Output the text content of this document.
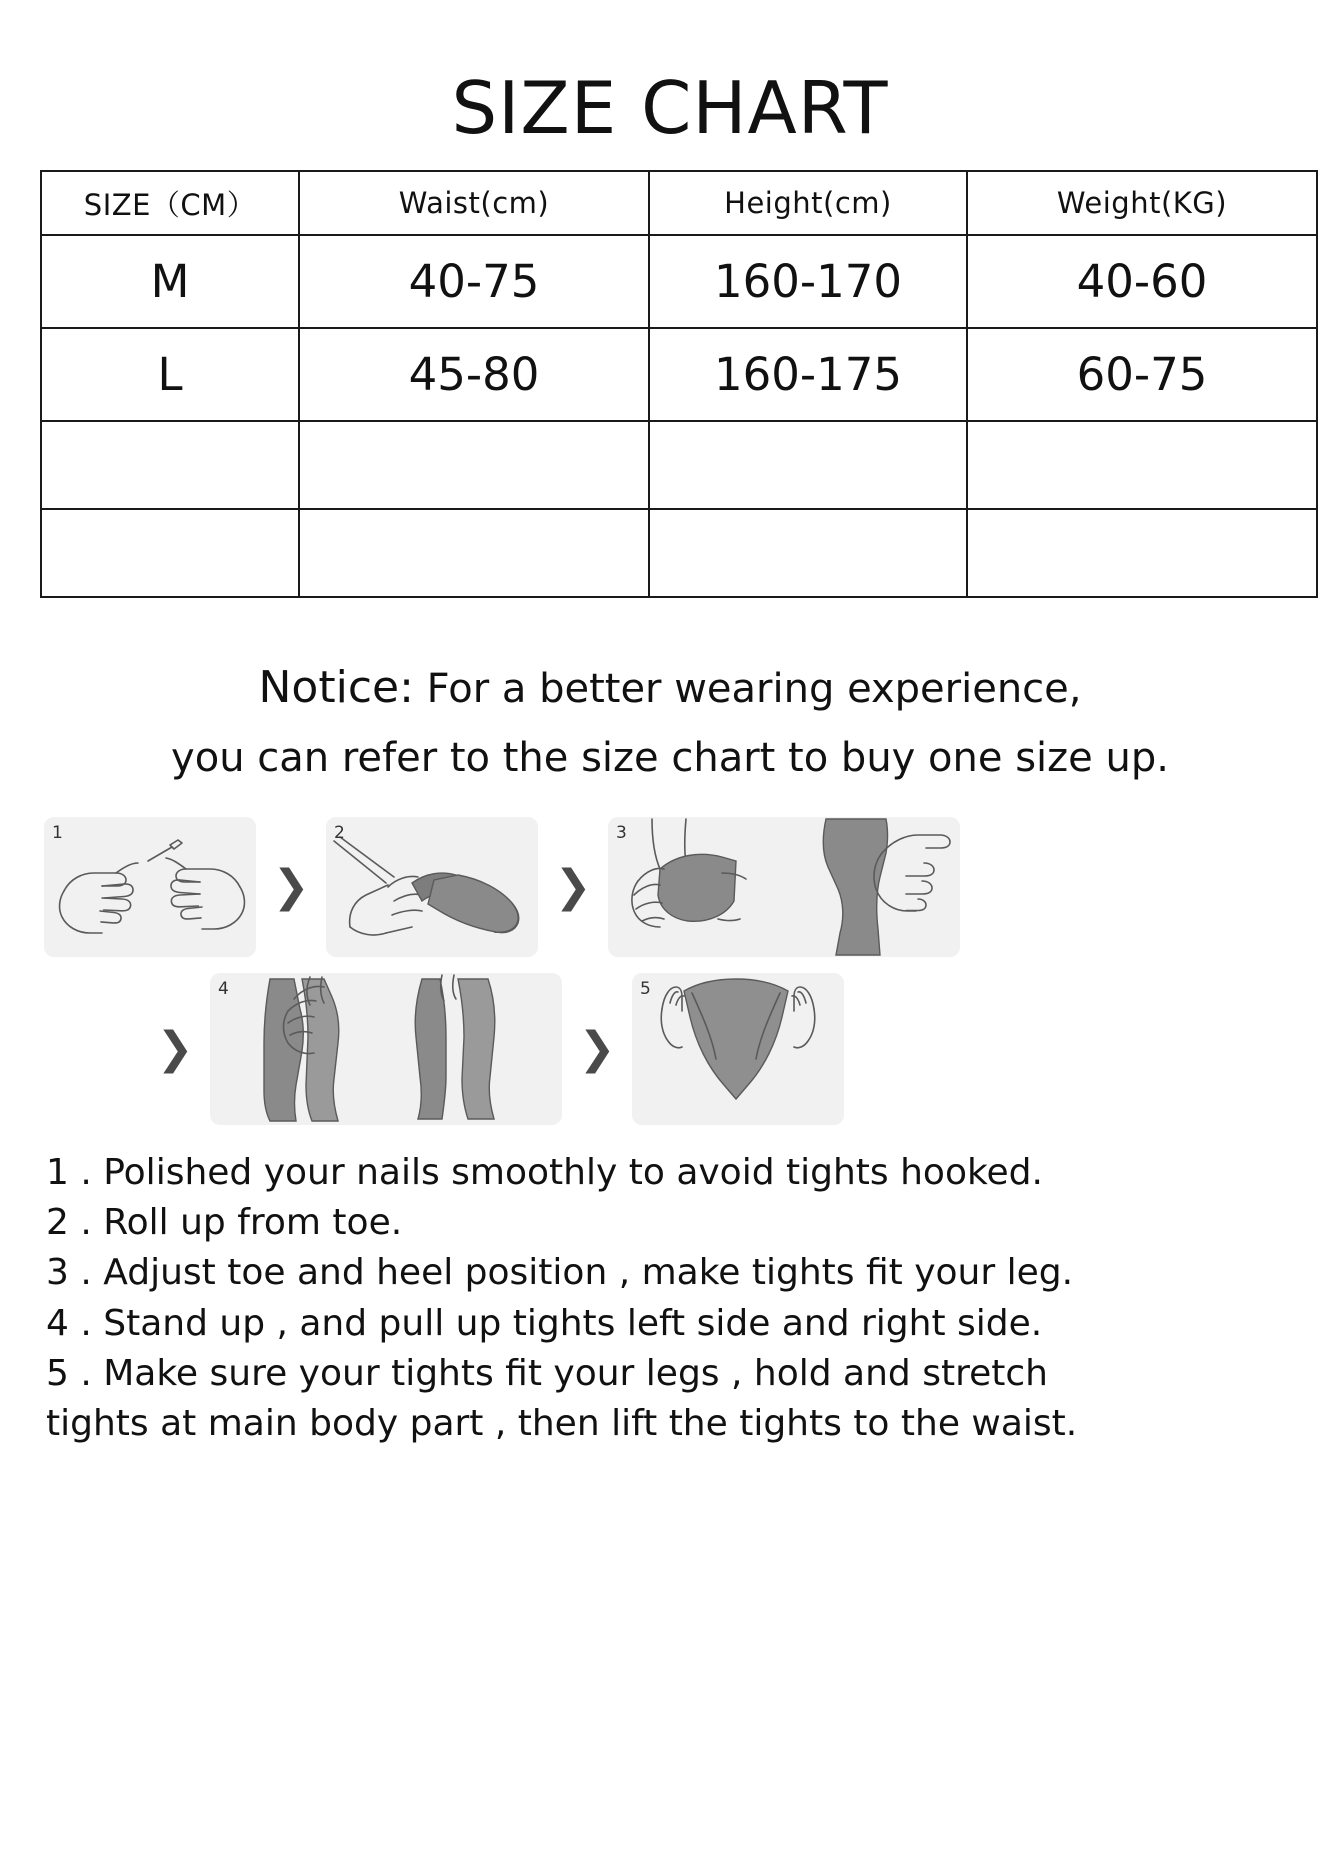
SIZE CHART
SIZE（CM）	Waist(cm)	Height(cm)	Weight(KG)
M	40-75	160-170	40-60
L	45-80	160-175	60-75

Notice: For a better wearing experience,
you can refer to the size chart to buy one size up.
1
❯
2
❯
3
❯
4
❯
5

1 . Polished your nails smoothly to avoid tights hooked.

2 . Roll up from toe.

3 . Adjust toe and heel position , make tights fit your leg.

4 . Stand up , and pull up tights left side and right side.

5 . Make sure your tights fit your legs , hold and stretch

tights at main body part , then lift the tights to the waist.
